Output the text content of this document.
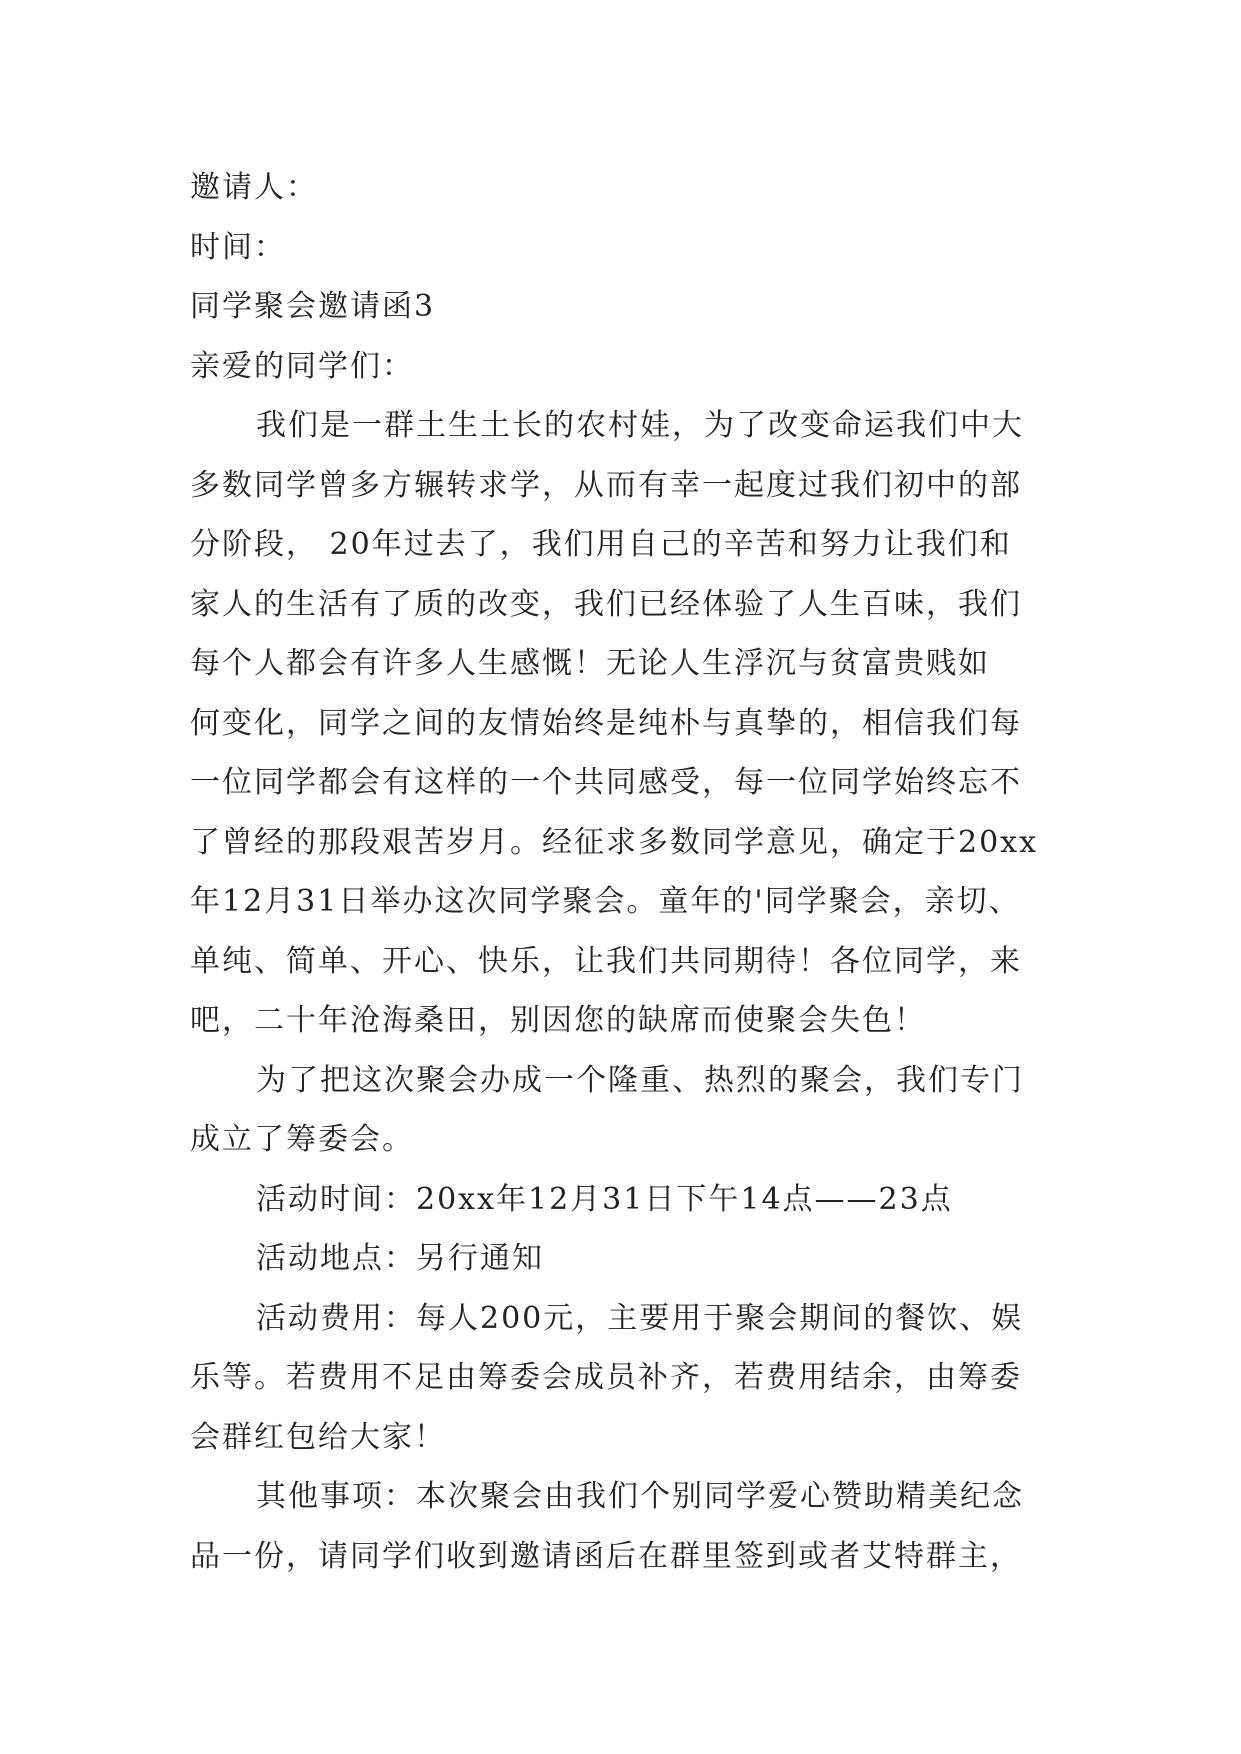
邀请人：
时间：
同学聚会邀请函3
亲爱的同学们：
我们是一群土生土长的农村娃，为了改变命运我们中大
多数同学曾多方辗转求学，从而有幸一起度过我们初中的部
分阶段， 20年过去了，我们用自己的辛苦和努力让我们和
家人的生活有了质的改变，我们已经体验了人生百味，我们
每个人都会有许多人生感慨！无论人生浮沉与贫富贵贱如
何变化，同学之间的友情始终是纯朴与真挚的，相信我们每
一位同学都会有这样的一个共同感受，每一位同学始终忘不
了曾经的那段艰苦岁月。经征求多数同学意见，确定于20xx
年12月31日举办这次同学聚会。童年的'同学聚会，亲切、
单纯、简单、开心、快乐，让我们共同期待！各位同学，来
吧，二十年沧海桑田，别因您的缺席而使聚会失色！
为了把这次聚会办成一个隆重、热烈的聚会，我们专门
成立了筹委会。
活动时间：20xx年12月31日下午14点——23点
活动地点：另行通知
活动费用：每人200元，主要用于聚会期间的餐饮、娱
乐等。若费用不足由筹委会成员补齐，若费用结余，由筹委
会群红包给大家！
其他事项：本次聚会由我们个别同学爱心赞助精美纪念
品一份，请同学们收到邀请函后在群里签到或者艾特群主，
